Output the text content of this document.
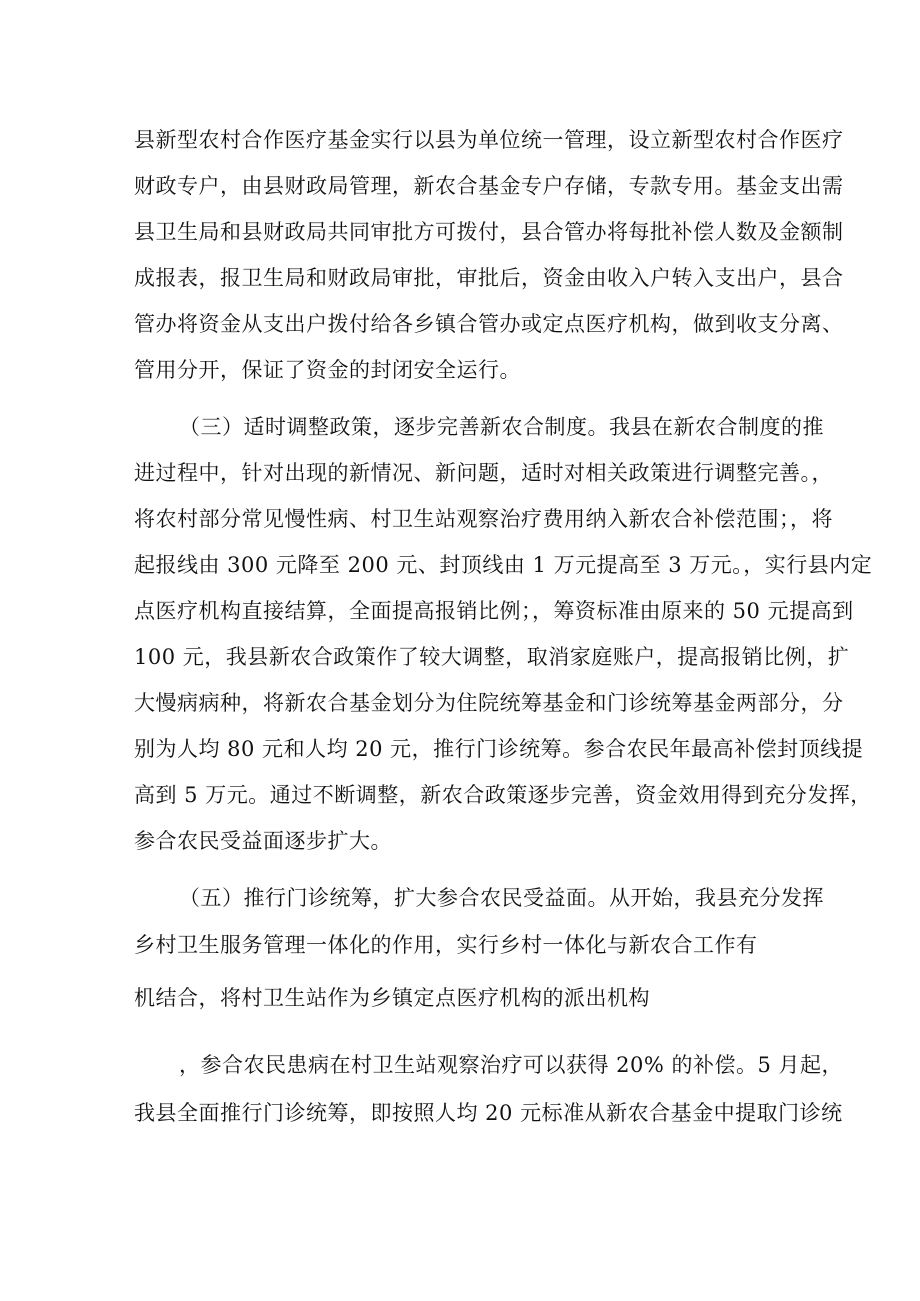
县新型农村合作医疗基金实行以县为单位统一管理，设立新型农村合作医疗
财政专户，由县财政局管理，新农合基金专户存储，专款专用。基金支出需
县卫生局和县财政局共同审批方可拨付，县合管办将每批补偿人数及金额制
成报表，报卫生局和财政局审批，审批后，资金由收入户转入支出户，县合
管办将资金从支出户拨付给各乡镇合管办或定点医疗机构，做到收支分离、
管用分开，保证了资金的封闭安全运行。
（三）适时调整政策，逐步完善新农合制度。我县在新农合制度的推
进过程中，针对出现的新情况、新问题，适时对相关政策进行调整完善。，
将农村部分常见慢性病、村卫生站观察治疗费用纳入新农合补偿范围；，将
起报线由 300 元降至 200 元、封顶线由 1 万元提高至 3 万元。，实行县内定
点医疗机构直接结算，全面提高报销比例；，筹资标准由原来的 50 元提高到
100 元，我县新农合政策作了较大调整，取消家庭账户，提高报销比例，扩
大慢病病种，将新农合基金划分为住院统筹基金和门诊统筹基金两部分，分
别为人均 80 元和人均 20 元，推行门诊统筹。参合农民年最高补偿封顶线提
高到 5 万元。通过不断调整，新农合政策逐步完善，资金效用得到充分发挥，
参合农民受益面逐步扩大。
（五）推行门诊统筹，扩大参合农民受益面。从开始，我县充分发挥
乡村卫生服务管理一体化的作用，实行乡村一体化与新农合工作有
机结合，将村卫生站作为乡镇定点医疗机构的派出机构
，参合农民患病在村卫生站观察治疗可以获得 20% 的补偿。5 月起，
我县全面推行门诊统筹，即按照人均 20 元标准从新农合基金中提取门诊统
